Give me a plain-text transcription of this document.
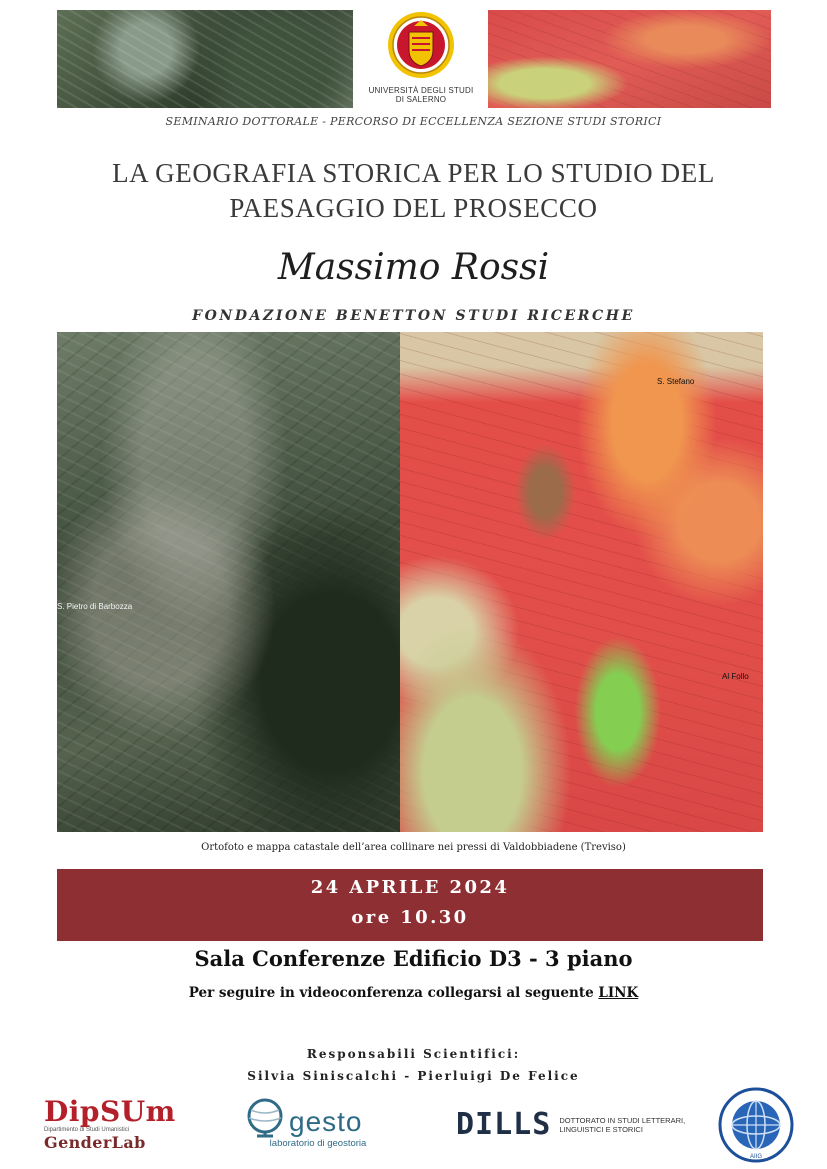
UNIVERSITÀ DEGLI STUDI
DI SALERNO
SEMINARIO DOTTORALE - PERCORSO DI ECCELLENZA SEZIONE STUDI STORICI
LA GEOGRAFIA STORICA PER LO STUDIO DEL
PAESAGGIO DEL PROSECCO
Massimo Rossi
FONDAZIONE BENETTON STUDI RICERCHE
S. Pietro di Barbozza
S. Stefano
Al Follo
Ortofoto e mappa catastale dell’area collinare nei pressi di Valdobbiadene (Treviso)
24 APRILE 2024
ore 10.30
Sala Conferenze Edificio D3 - 3 piano
Per seguire in videoconferenza collegarsi al seguente LINK
Responsabili Scientifici:
Silvia Siniscalchi - Pierluigi De Felice
DipSUm
Dipartimento di Studi Umanistici
GenderLab
gesto
laboratorio di geostoria
DILLS DOTTORATO IN STUDI LETTERARI,
LINGUISTICI E STORICI
AIIG
